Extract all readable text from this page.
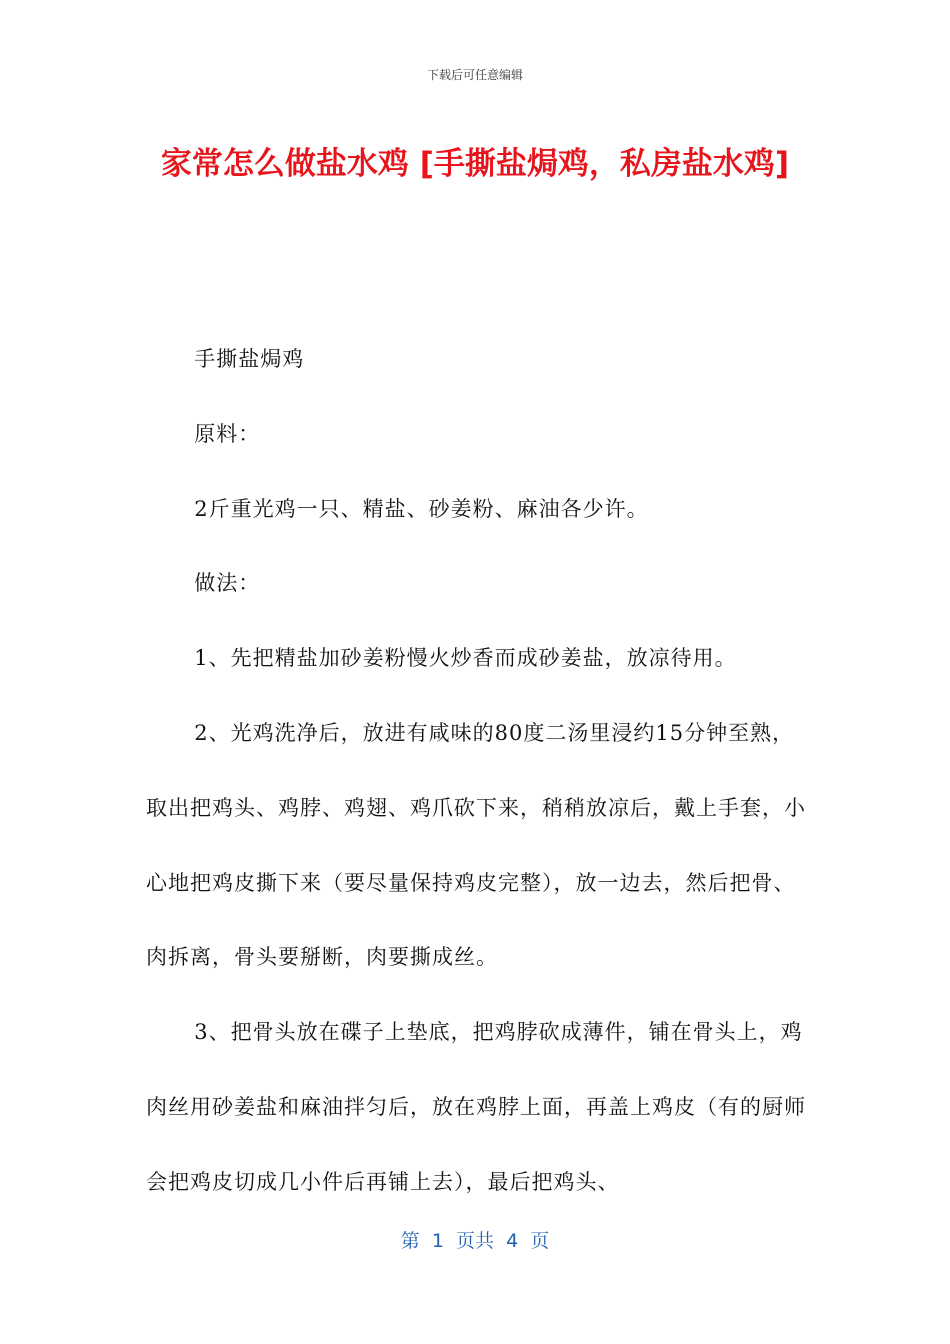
下载后可任意编辑
家常怎么做盐水鸡 [手撕盐焗鸡，私房盐水鸡]

手撕盐焗鸡

原料：

2斤重光鸡一只、精盐、砂姜粉、麻油各少许。

做法：

1、先把精盐加砂姜粉慢火炒香而成砂姜盐，放凉待用。

2、光鸡洗净后，放进有咸味的80度二汤里浸约15分钟至熟，取出把鸡头、鸡脖、鸡翅、鸡爪砍下来，稍稍放凉后，戴上手套，小心地把鸡皮撕下来（要尽量保持鸡皮完整），放一边去，然后把骨、肉拆离，骨头要掰断，肉要撕成丝。

3、把骨头放在碟子上垫底，把鸡脖砍成薄件，铺在骨头上，鸡肉丝用砂姜盐和麻油拌匀后，放在鸡脖上面，再盖上鸡皮（有的厨师会把鸡皮切成几小件后再铺上去），最后把鸡头、

第  1  页共  4  页
